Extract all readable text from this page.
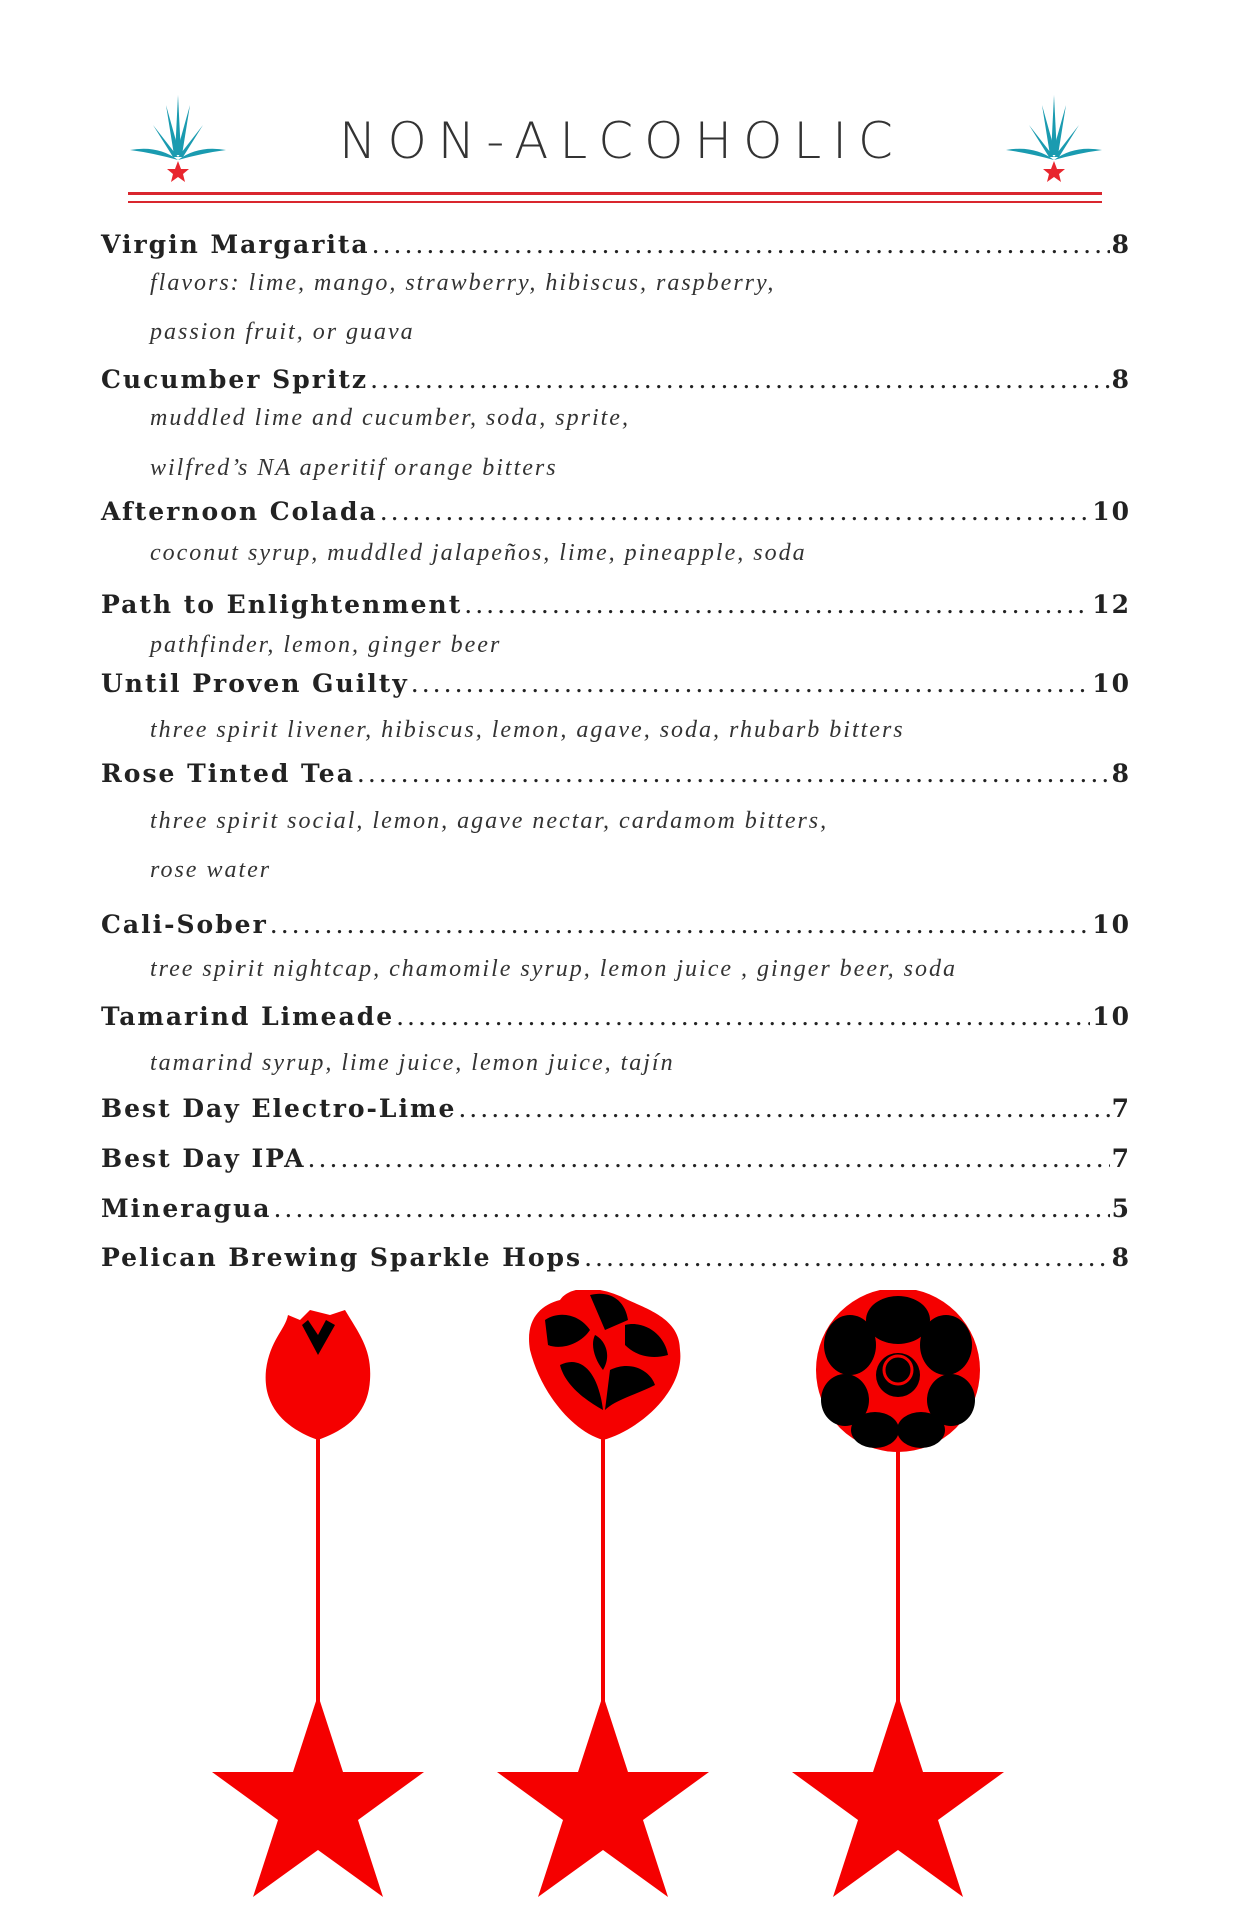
NON-ALCOHOLIC
Virgin Margarita .....	8
flavors: lime, mango, strawberry, hibiscus, raspberry,
passion fruit, or guava
Cucumber Spritz .....	8
muddled lime and cucumber, soda, sprite,
wilfred’s NA aperitif orange bitters
Afternoon Colada .....	10
coconut syrup, muddled jalapeños, lime, pineapple, soda
Path to Enlightenment .....	12
pathfinder, lemon, ginger beer
Until Proven Guilty .....	10
three spirit livener, hibiscus, lemon, agave, soda, rhubarb bitters
Rose Tinted Tea .....	8
three spirit social, lemon, agave nectar, cardamom bitters,
rose water
Cali-Sober .....	10
tree spirit nightcap, chamomile syrup, lemon juice , ginger beer, soda
Tamarind Limeade .....	10
tamarind syrup, lime juice, lemon juice, tajín
Best Day Electro-Lime .....	7
Best Day IPA .....	7
Mineragua .....	5
Pelican Brewing Sparkle Hops .....	8
